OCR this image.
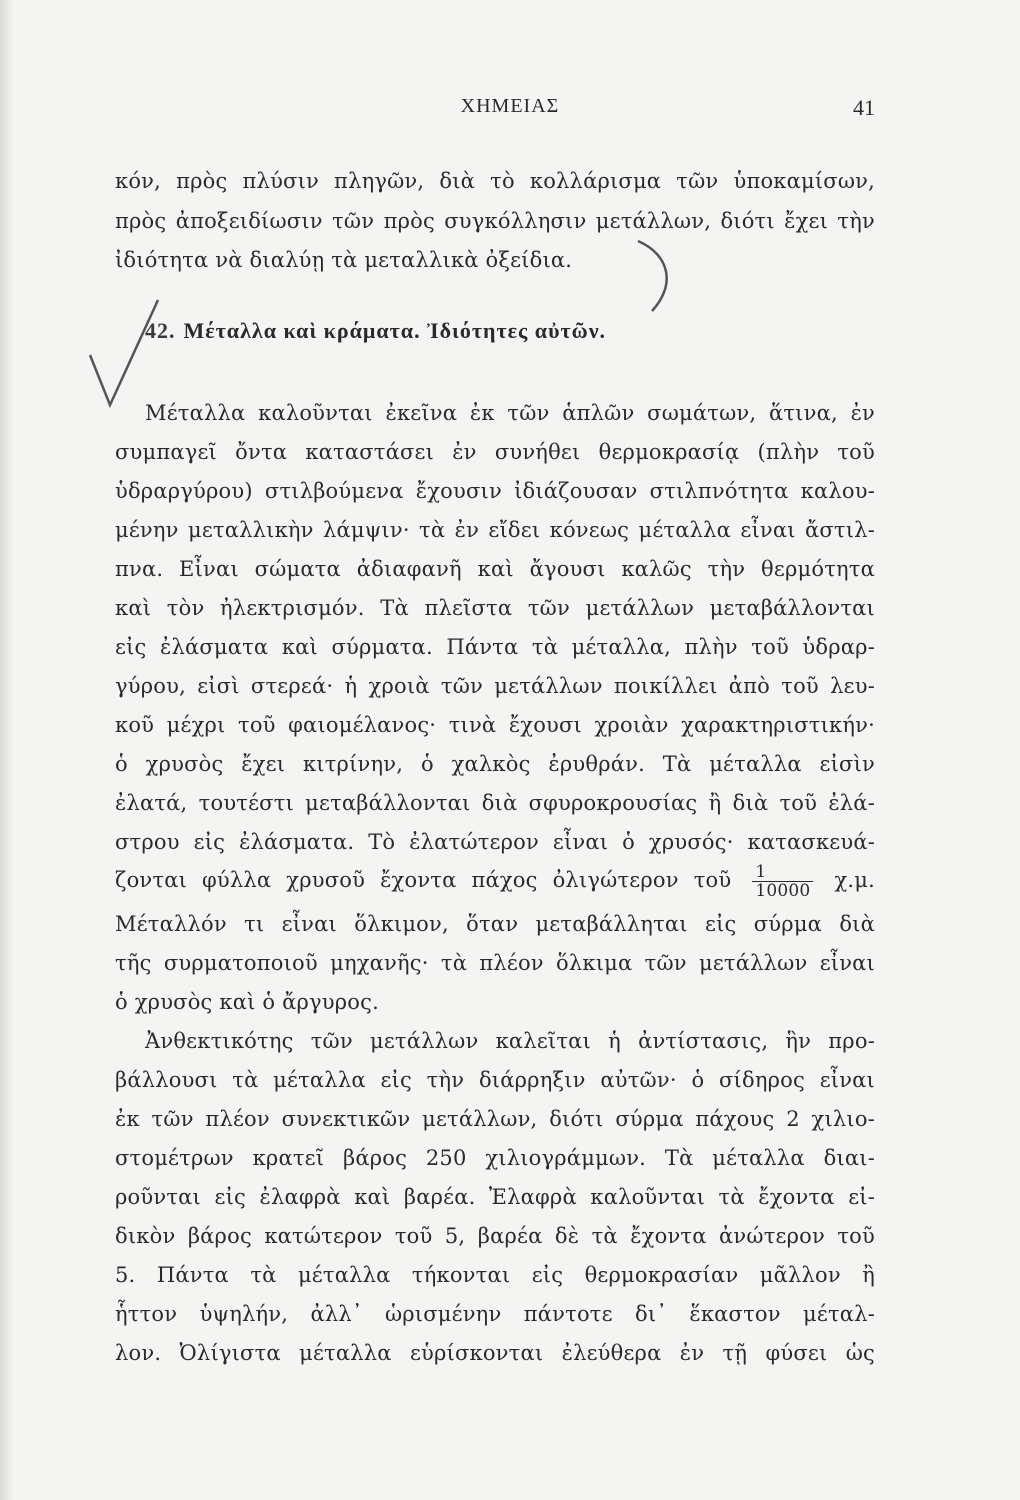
ΧΗΜΕΙΑΣ	41
κόν, πρὸς πλύσιν πληγῶν, διὰ τὸ κολλάρισμα τῶν ὑποκαμίσων,
πρὸς ἀποξειδίωσιν τῶν πρὸς συγκόλλησιν μετάλλων, διότι ἔχει τὴν
ἰδιότητα νὰ διαλύῃ τὰ μεταλλικὰ ὀξείδια.
42. Μέταλλα καὶ κράματα. Ἰδιότητες αὐτῶν.
Μέταλλα καλοῦνται ἐκεῖνα ἐκ τῶν ἁπλῶν σωμάτων, ἅτινα, ἐν
συμπαγεῖ ὄντα καταστάσει ἐν συνήθει θερμοκρασίᾳ (πλὴν τοῦ
ὑδραργύρου) στιλβούμενα ἔχουσιν ἰδιάζουσαν στιλπνότητα καλου-
μένην μεταλλικὴν λάμψιν· τὰ ἐν εἴδει κόνεως μέταλλα εἶναι ἄστιλ-
πνα. Εἶναι σώματα ἀδιαφανῆ καὶ ἄγουσι καλῶς τὴν θερμότητα
καὶ τὸν ἠλεκτρισμόν. Τὰ πλεῖστα τῶν μετάλλων μεταβάλλονται
εἰς ἐλάσματα καὶ σύρματα. Πάντα τὰ μέταλλα, πλὴν τοῦ ὑδραρ-
γύρου, εἰσὶ στερεά· ἡ χροιὰ τῶν μετάλλων ποικίλλει ἀπὸ τοῦ λευ-
κοῦ μέχρι τοῦ φαιομέλανος· τινὰ ἔχουσι χροιὰν χαρακτηριστικήν·
ὁ χρυσὸς ἔχει κιτρίνην, ὁ χαλκὸς ἐρυθράν. Τὰ μέταλλα εἰσὶν
ἐλατά, τουτέστι μεταβάλλονται διὰ σφυροκρουσίας ἢ διὰ τοῦ ἐλά-
στρου εἰς ἐλάσματα. Τὸ ἐλατώτερον εἶναι ὁ χρυσός· κατασκευά-
ζονται φύλλα χρυσοῦ ἔχοντα πάχος ὀλιγώτερον τοῦ $\frac{1}{10000} \chi.\mu$.
Μέταλλόν τι εἶναι ὅλκιμον, ὅταν μεταβάλληται εἰς σύρμα διὰ
τῆς συρματοποιοῦ μηχανῆς· τὰ πλέον ὅλκιμα τῶν μετάλλων εἶναι
ὁ χρυσὸς καὶ ὁ ἄργυρος.
Ἀνθεκτικότης τῶν μετάλλων καλεῖται ἡ ἀντίστασις, ἣν προ-
βάλλουσι τὰ μέταλλα εἰς τὴν διάρρηξιν αὐτῶν· ὁ σίδηρος εἶναι
ἐκ τῶν πλέον συνεκτικῶν μετάλλων, διότι σύρμα πάχους 2 χιλιο-
στομέτρων κρατεῖ βάρος 250 χιλιογράμμων. Τὰ μέταλλα διαι-
ροῦνται εἰς ἐλαφρὰ καὶ βαρέα. Ἐλαφρὰ καλοῦνται τὰ ἔχοντα εἰ-
δικὸν βάρος κατώτερον τοῦ 5, βαρέα δὲ τὰ ἔχοντα ἀνώτερον τοῦ
5. Πάντα τὰ μέταλλα τήκονται εἰς θερμοκρασίαν μᾶλλον ἢ
ἧττον ὑψηλήν, ἀλλ᾽ ὡρισμένην πάντοτε δι᾽ ἕκαστον μέταλ-
λον. Ὀλίγιστα μέταλλα εὑρίσκονται ἐλεύθερα ἐν τῇ φύσει ὡς
